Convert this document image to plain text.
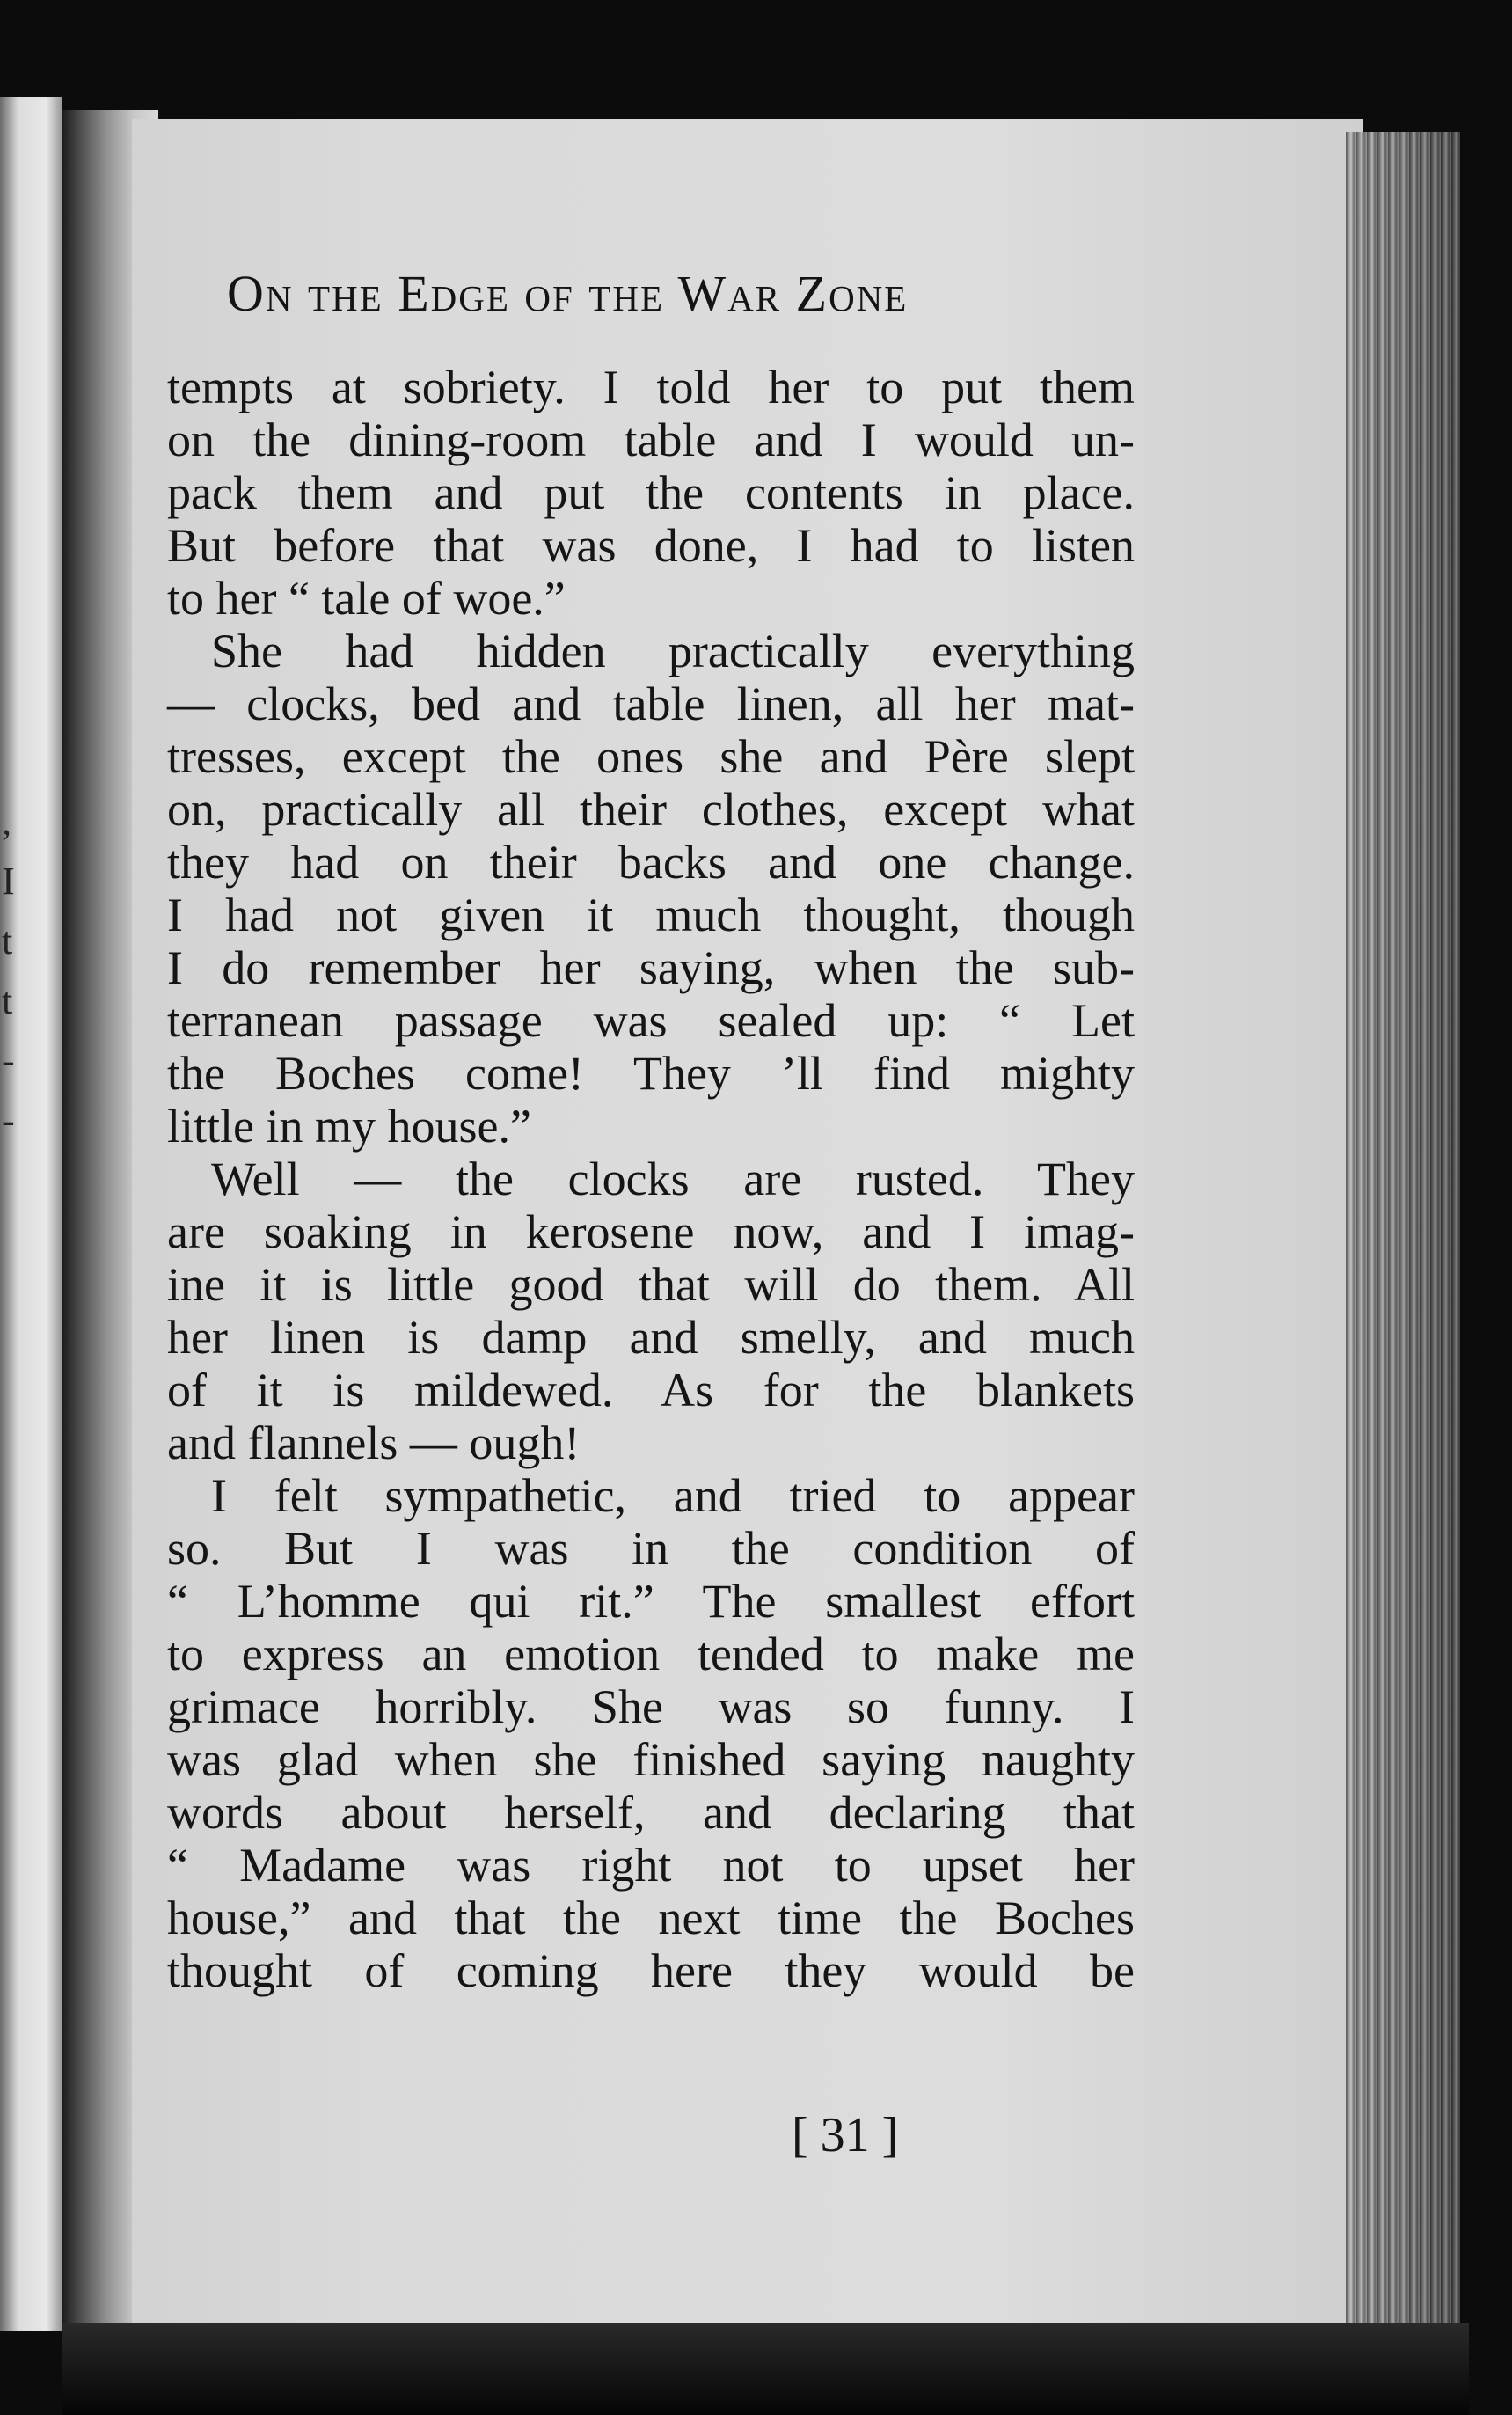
,
I
t
t
-
-
On the Edge of the War Zone
tempts at sobriety. I told her to put them
on the dining-room table and I would un-
pack them and put the contents in place.
But before that was done, I had to listen
to her “ tale of woe.”
She had hidden practically everything
— clocks, bed and table linen, all her mat-
tresses, except the ones she and Père slept
on, practically all their clothes, except what
they had on their backs and one change.
I had not given it much thought, though
I do remember her saying, when the sub-
terranean passage was sealed up: “ Let
the Boches come! They ’ll find mighty
little in my house.”
Well — the clocks are rusted. They
are soaking in kerosene now, and I imag-
ine it is little good that will do them. All
her linen is damp and smelly, and much
of it is mildewed. As for the blankets
and flannels — ough!
I felt sympathetic, and tried to appear
so. But I was in the condition of
“ L’homme qui rit.” The smallest effort
to express an emotion tended to make me
grimace horribly. She was so funny. I
was glad when she finished saying naughty
words about herself, and declaring that
“ Madame was right not to upset her
house,” and that the next time the Boches
thought of coming here they would be
[ 31 ]
